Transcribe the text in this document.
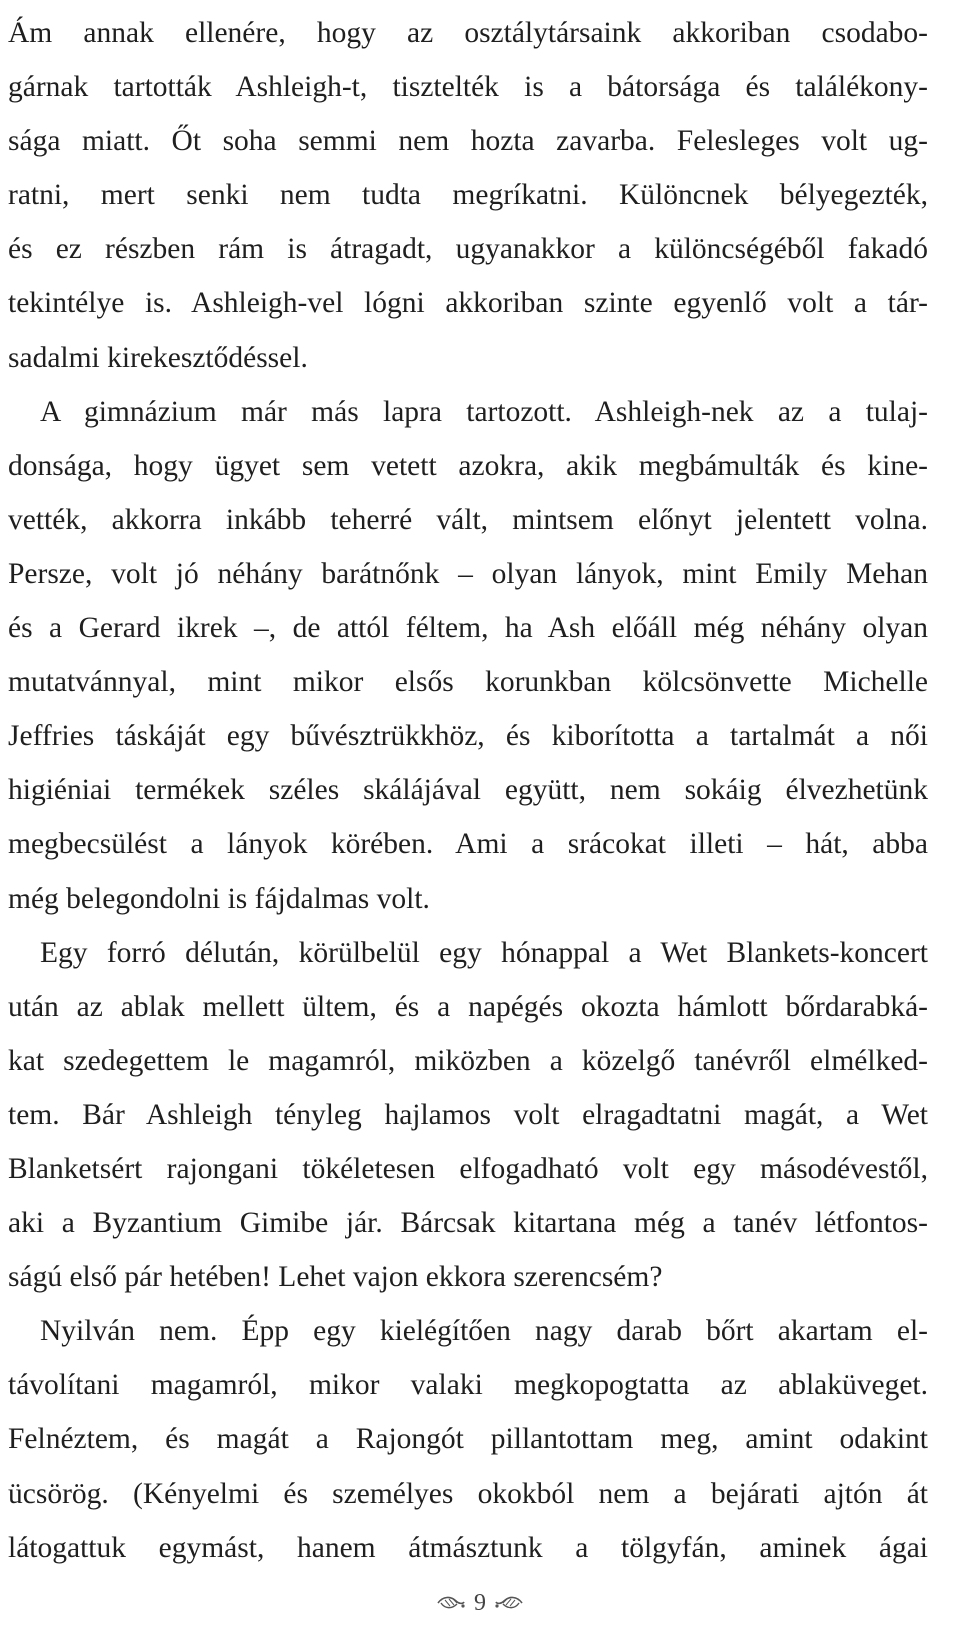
Ám annak ellenére, hogy az osztálytársaink akkoriban csodabo-
gárnak tartották Ashleigh-t, tisztelték is a bátorsága és találékony-
sága miatt. Őt soha semmi nem hozta zavarba. Felesleges volt ug-
ratni, mert senki nem tudta megríkatni. Különcnek bélyegezték,
és ez részben rám is átragadt, ugyanakkor a különcségéből fakadó
tekintélye is. Ashleigh-vel lógni akkoriban szinte egyenlő volt a tár-
sadalmi kirekesztődéssel.
A gimnázium már más lapra tartozott. Ashleigh-nek az a tulaj-
donsága, hogy ügyet sem vetett azokra, akik megbámulták és kine-
vették, akkorra inkább teherré vált, mintsem előnyt jelentett volna.
Persze, volt jó néhány barátnőnk – olyan lányok, mint Emily Mehan
és a Gerard ikrek –, de attól féltem, ha Ash előáll még néhány olyan
mutatvánnyal, mint mikor elsős korunkban kölcsönvette Michelle
Jeffries táskáját egy bűvésztrükkhöz, és kiborította a tartalmát a női
higiéniai termékek széles skálájával együtt, nem sokáig élvezhetünk
megbecsülést a lányok körében. Ami a srácokat illeti – hát, abba
még belegondolni is fájdalmas volt.
Egy forró délután, körülbelül egy hónappal a Wet Blankets-koncert
után az ablak mellett ültem, és a napégés okozta hámlott bőrdarabká-
kat szedegettem le magamról, miközben a közelgő tanévről elmélked-
tem. Bár Ashleigh tényleg hajlamos volt elragadtatni magát, a Wet
Blanketsért rajongani tökéletesen elfogadható volt egy másodévestől,
aki a Byzantium Gimibe jár. Bárcsak kitartana még a tanév létfontos-
ságú első pár hetében! Lehet vajon ekkora szerencsém?
Nyilván nem. Épp egy kielégítően nagy darab bőrt akartam el-
távolítani magamról, mikor valaki megkopogtatta az ablaküveget.
Felnéztem, és magát a Rajongót pillantottam meg, amint odakint
ücsörög. (Kényelmi és személyes okokból nem a bejárati ajtón át
látogattuk egymást, hanem átmásztunk a tölgyfán, aminek ágai
9
